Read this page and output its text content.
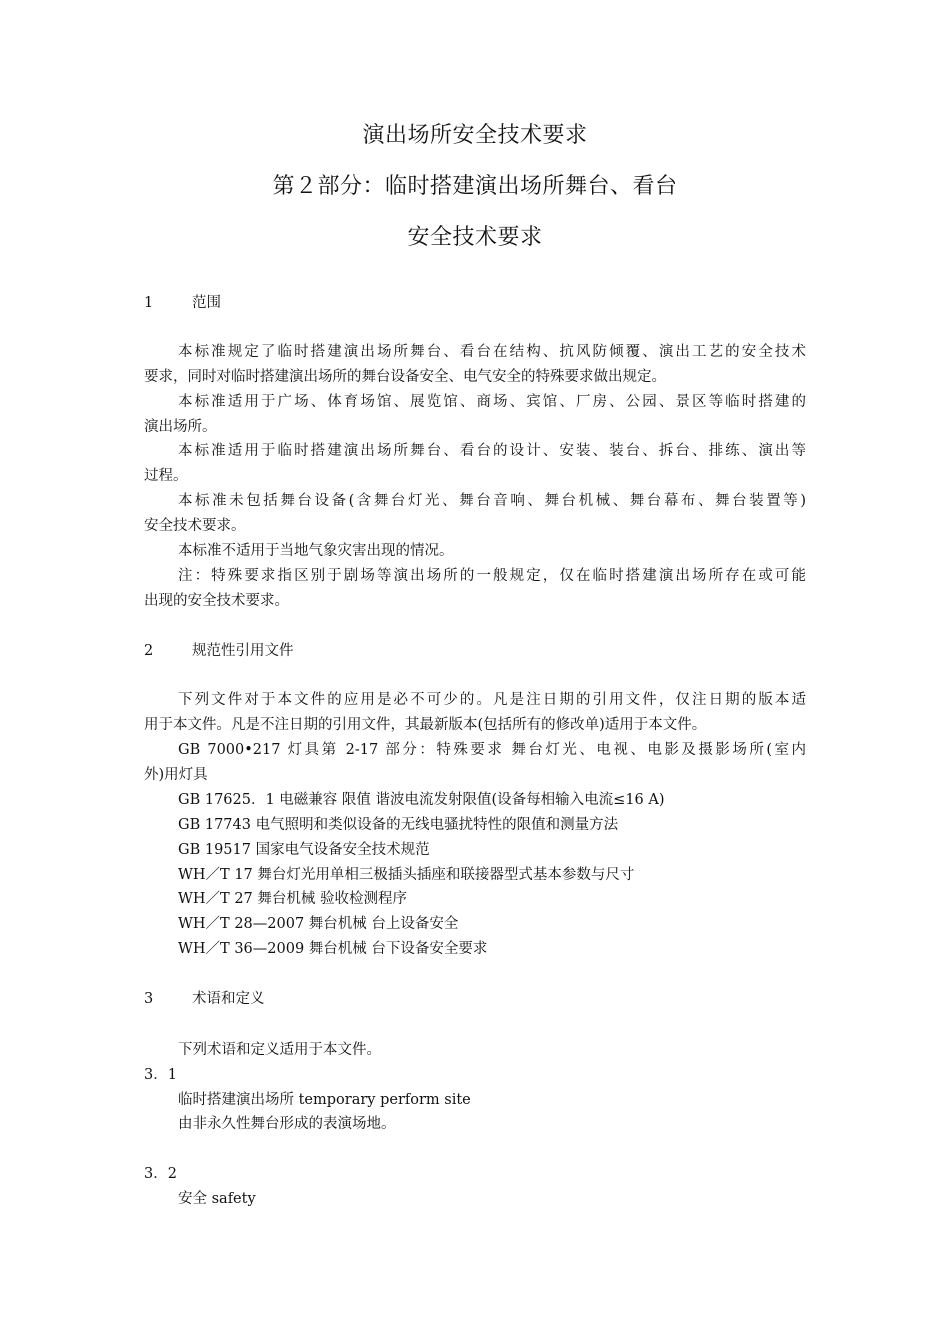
演出场所安全技术要求
第２部分：临时搭建演出场所舞台、看台
安全技术要求
1	范围
本标准规定了临时搭建演出场所舞台、看台在结构、抗风防倾覆、演出工艺的安全技术
要求，同时对临时搭建演出场所的舞台设备安全、电气安全的特殊要求做出规定。
本标准适用于广场、体育场馆、展览馆、商场、宾馆、厂房、公园、景区等临时搭建的
演出场所。
本标准适用于临时搭建演出场所舞台、看台的设计、安装、装台、拆台、排练、演出等
过程。
本标准未包括舞台设备(含舞台灯光、舞台音响、舞台机械、舞台幕布、舞台装置等)
安全技术要求。
本标准不适用于当地气象灾害出现的情况。
注：特殊要求指区别于剧场等演出场所的一般规定，仅在临时搭建演出场所存在或可能
出现的安全技术要求。
2	规范性引用文件
下列文件对于本文件的应用是必不可少的。凡是注日期的引用文件，仅注日期的版本适
用于本文件。凡是不注日期的引用文件，其最新版本(包括所有的修改单)适用于本文件。
GB 7000•217 灯具第 2-17 部分：特殊要求 舞台灯光、电视、电影及摄影场所(室内
外)用灯具
GB 17625．1 电磁兼容 限值 谐波电流发射限值(设备每相输入电流≤16 A)
GB 17743 电气照明和类似设备的无线电骚扰特性的限值和测量方法
GB 19517 国家电气设备安全技术规范
WH／T 17 舞台灯光用单相三极插头插座和联接器型式基本参数与尺寸
WH／T 27 舞台机械 验收检测程序
WH／T 28—2007 舞台机械 台上设备安全
WH／T 36—2009 舞台机械 台下设备安全要求
3	术语和定义
下列术语和定义适用于本文件。
3．1
临时搭建演出场所 temporary perform site
由非永久性舞台形成的表演场地。
3．2
安全 safety
